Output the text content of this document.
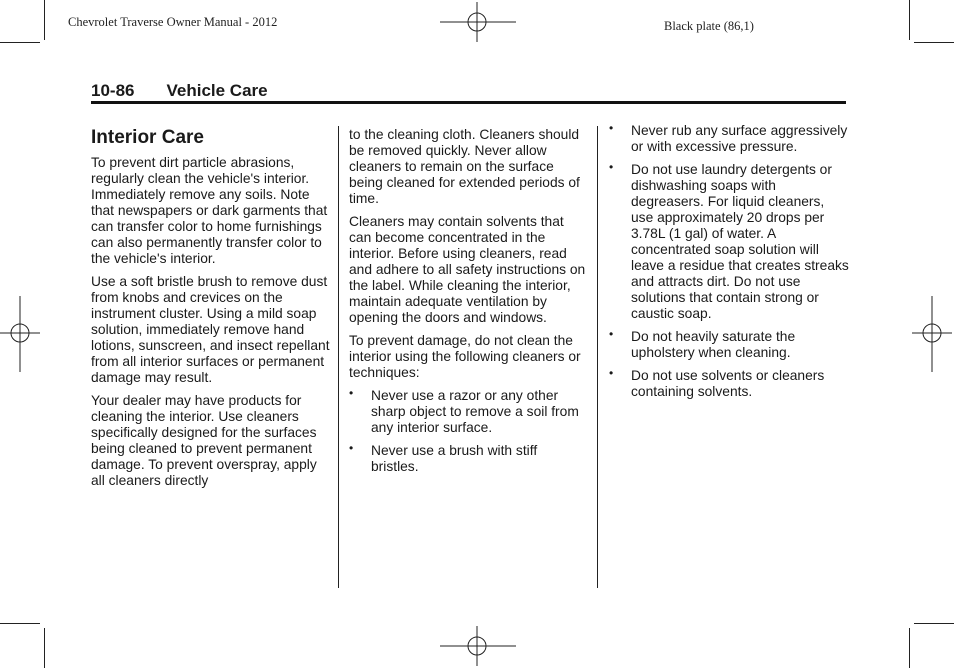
Chevrolet Traverse Owner Manual - 2012	Black plate (86,1)
10-86 Vehicle Care
Interior Care

To prevent dirt particle abrasions, regularly clean the vehicle's interior. Immediately remove any soils. Note that newspapers or dark garments that can transfer color to home furnishings can also permanently transfer color to the vehicle's interior.

Use a soft bristle brush to remove dust from knobs and crevices on the instrument cluster. Using a mild soap solution, immediately remove hand lotions, sunscreen, and insect repellant from all interior surfaces or permanent damage may result.

Your dealer may have products for cleaning the interior. Use cleaners specifically designed for the surfaces being cleaned to prevent permanent damage. To prevent overspray, apply all cleaners directly

to the cleaning cloth. Cleaners should be removed quickly. Never allow cleaners to remain on the surface being cleaned for extended periods of time.

Cleaners may contain solvents that can become concentrated in the interior. Before using cleaners, read and adhere to all safety instructions on the label. While cleaning the interior, maintain adequate ventilation by opening the doors and windows.

To prevent damage, do not clean the interior using the following cleaners or techniques:

• Never use a razor or any other sharp object to remove a soil from any interior surface.
• Never use a brush with stiff bristles.
• Never rub any surface aggressively or with excessive pressure.
• Do not use laundry detergents or dishwashing soaps with degreasers. For liquid cleaners, use approximately 20 drops per 3.78L (1 gal) of water. A concentrated soap solution will leave a residue that creates streaks and attracts dirt. Do not use solutions that contain strong or caustic soap.
• Do not heavily saturate the upholstery when cleaning.
• Do not use solvents or cleaners containing solvents.
